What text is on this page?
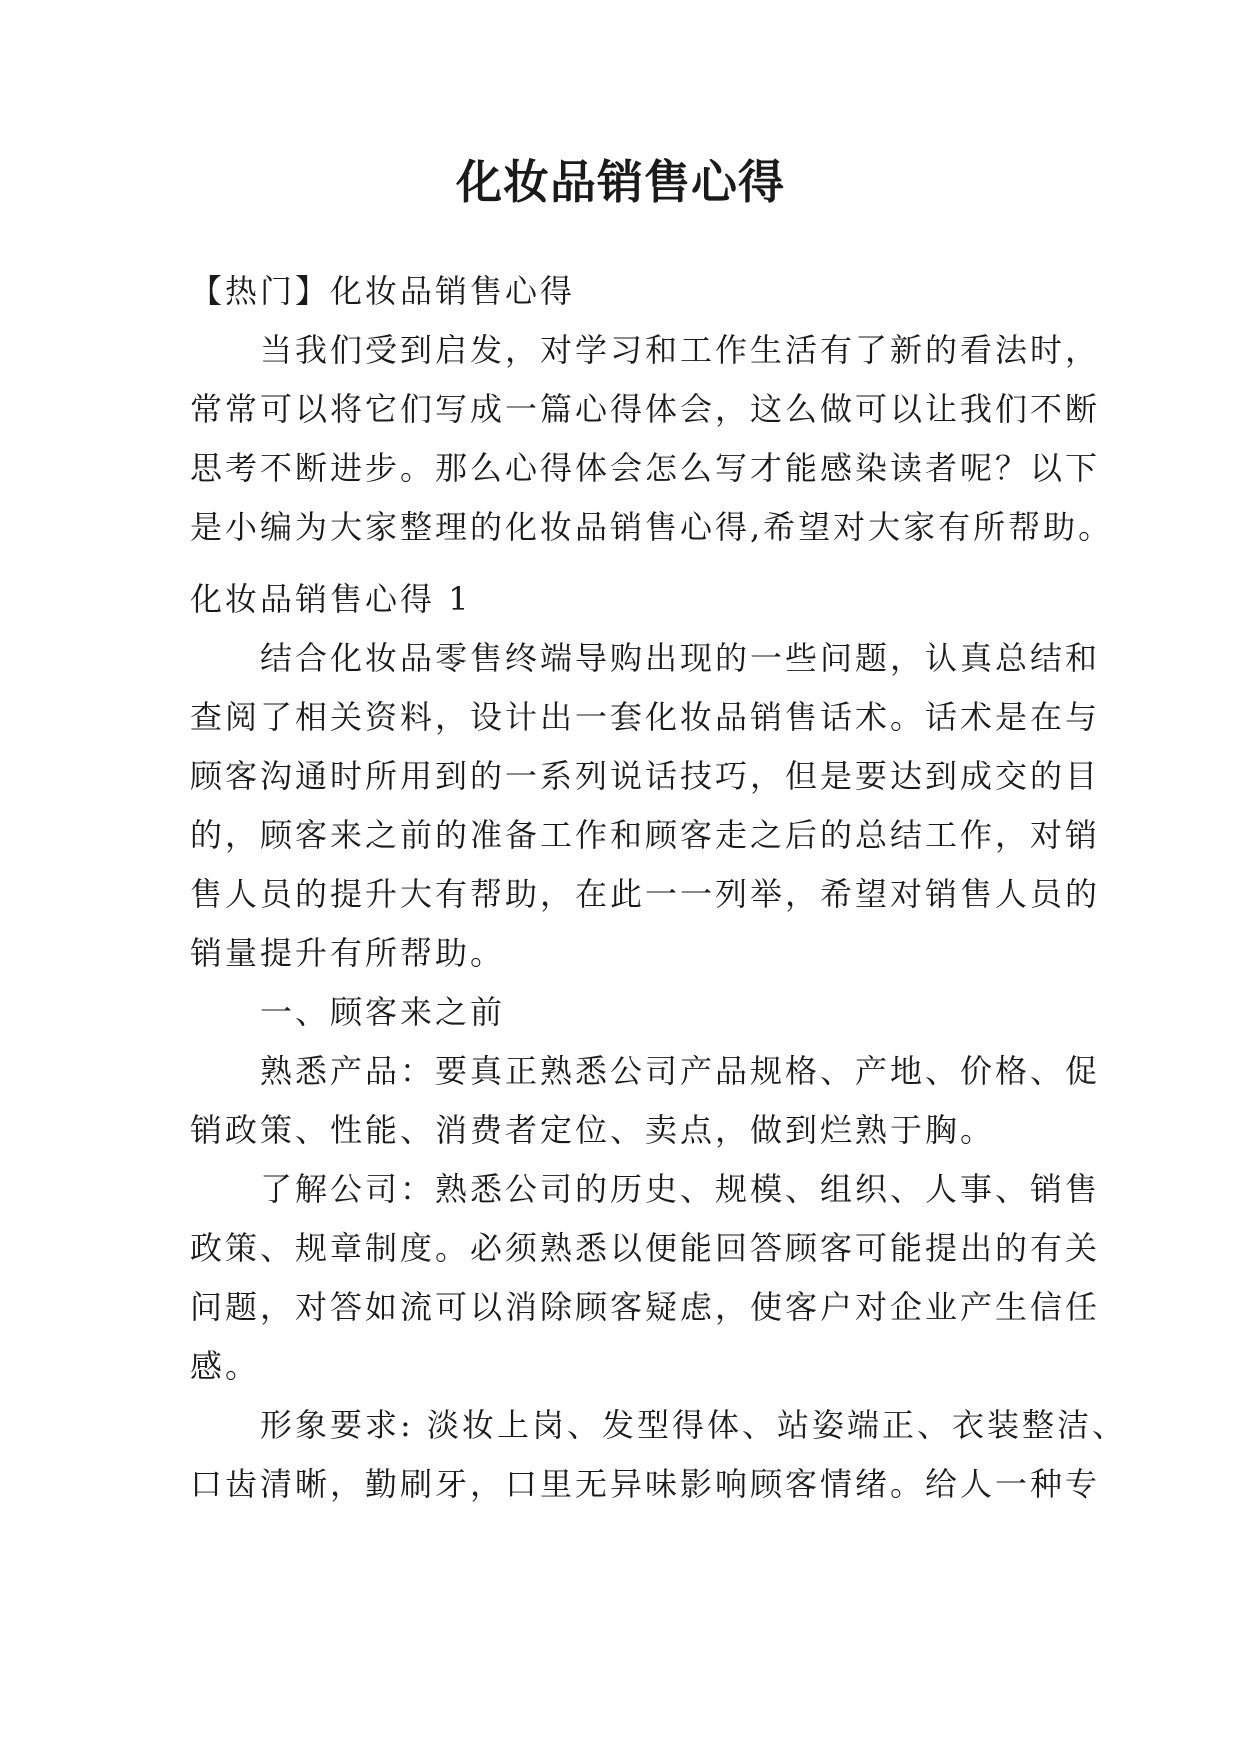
化妆品销售心得
【热门】化妆品销售心得
当我们受到启发，对学习和工作生活有了新的看法时，
常常可以将它们写成一篇心得体会，这么做可以让我们不断
思考不断进步。那么心得体会怎么写才能感染读者呢？以下
是小编为大家整理的化妆品销售心得,希望对大家有所帮助。
化妆品销售心得 1
结合化妆品零售终端导购出现的一些问题，认真总结和
查阅了相关资料，设计出一套化妆品销售话术。话术是在与
顾客沟通时所用到的一系列说话技巧，但是要达到成交的目
的，顾客来之前的准备工作和顾客走之后的总结工作，对销
售人员的提升大有帮助，在此一一列举，希望对销售人员的
销量提升有所帮助。
一、顾客来之前
熟悉产品：要真正熟悉公司产品规格、产地、价格、促
销政策、性能、消费者定位、卖点，做到烂熟于胸。
了解公司：熟悉公司的历史、规模、组织、人事、销售
政策、规章制度。必须熟悉以便能回答顾客可能提出的有关
问题，对答如流可以消除顾客疑虑，使客户对企业产生信任
感。
形象要求: 淡妆上岗、发型得体、站姿端正、衣装整洁、
口齿清晰，勤刷牙，口里无异味影响顾客情绪。给人一种专
